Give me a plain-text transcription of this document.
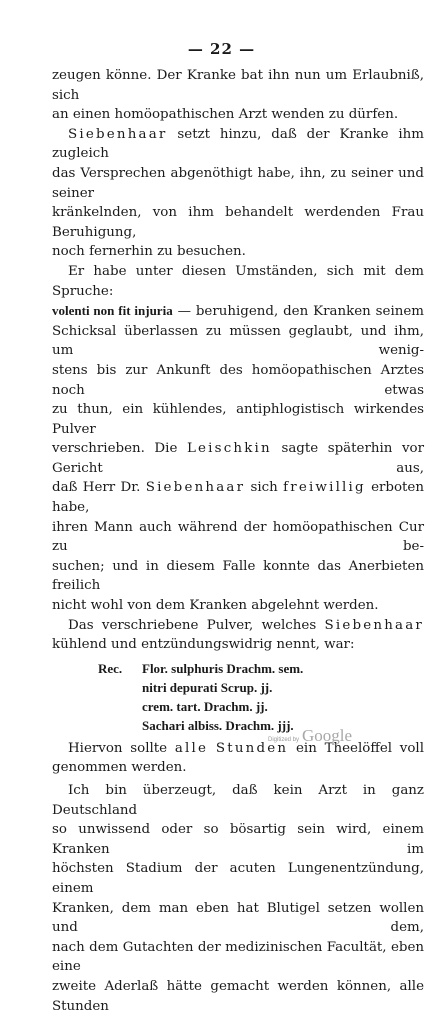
— 22 —

zeugen könne. Der Kranke bat ihn nun um Erlaubniß, sich

an einen homöopathischen Arzt wenden zu dürfen.

Siebenhaar setzt hinzu, daß der Kranke ihm zugleich

das Versprechen abgenöthigt habe, ihn, zu seiner und seiner

kränkelnden, von ihm behandelt werdenden Frau Beruhigung,

noch fernerhin zu besuchen.

Er habe unter diesen Umständen, sich mit dem Spruche:

volenti non fit injuria — beruhigend, den Kranken seinem

Schicksal überlassen zu müssen geglaubt, und ihm, um wenig-

stens bis zur Ankunft des homöopathischen Arztes noch etwas

zu thun, ein kühlendes, antiphlogistisch wirkendes Pulver

verschrieben. Die Leischkin sagte späterhin vor Gericht aus,

daß Herr Dr. Siebenhaar sich freiwillig erboten habe,

ihren Mann auch während der homöopathischen Cur zu be-

suchen; und in diesem Falle konnte das Anerbieten freilich

nicht wohl von dem Kranken abgelehnt werden.

Das verschriebene Pulver, welches Siebenhaar

kühlend und entzündungswidrig nennt, war:

Rec.	Flor. sulphuris Drachm. sem.
nitri depurati Scrup. jj.
crem. tart. Drachm. jj.
Sachari albiss. Drachm. jjj.

Hiervon sollte alle Stunden ein Theelöffel voll

genommen werden.

Ich bin überzeugt, daß kein Arzt in ganz Deutschland

so unwissend oder so bösartig sein wird, einem Kranken im

höchsten Stadium der acuten Lungenentzündung, einem

Kranken, dem man eben hat Blutigel setzen wollen und dem,

nach dem Gutachten der medizinischen Facultät, eben eine

zweite Aderlaß hätte gemacht werden können, alle Stunden

Digitized by Google
